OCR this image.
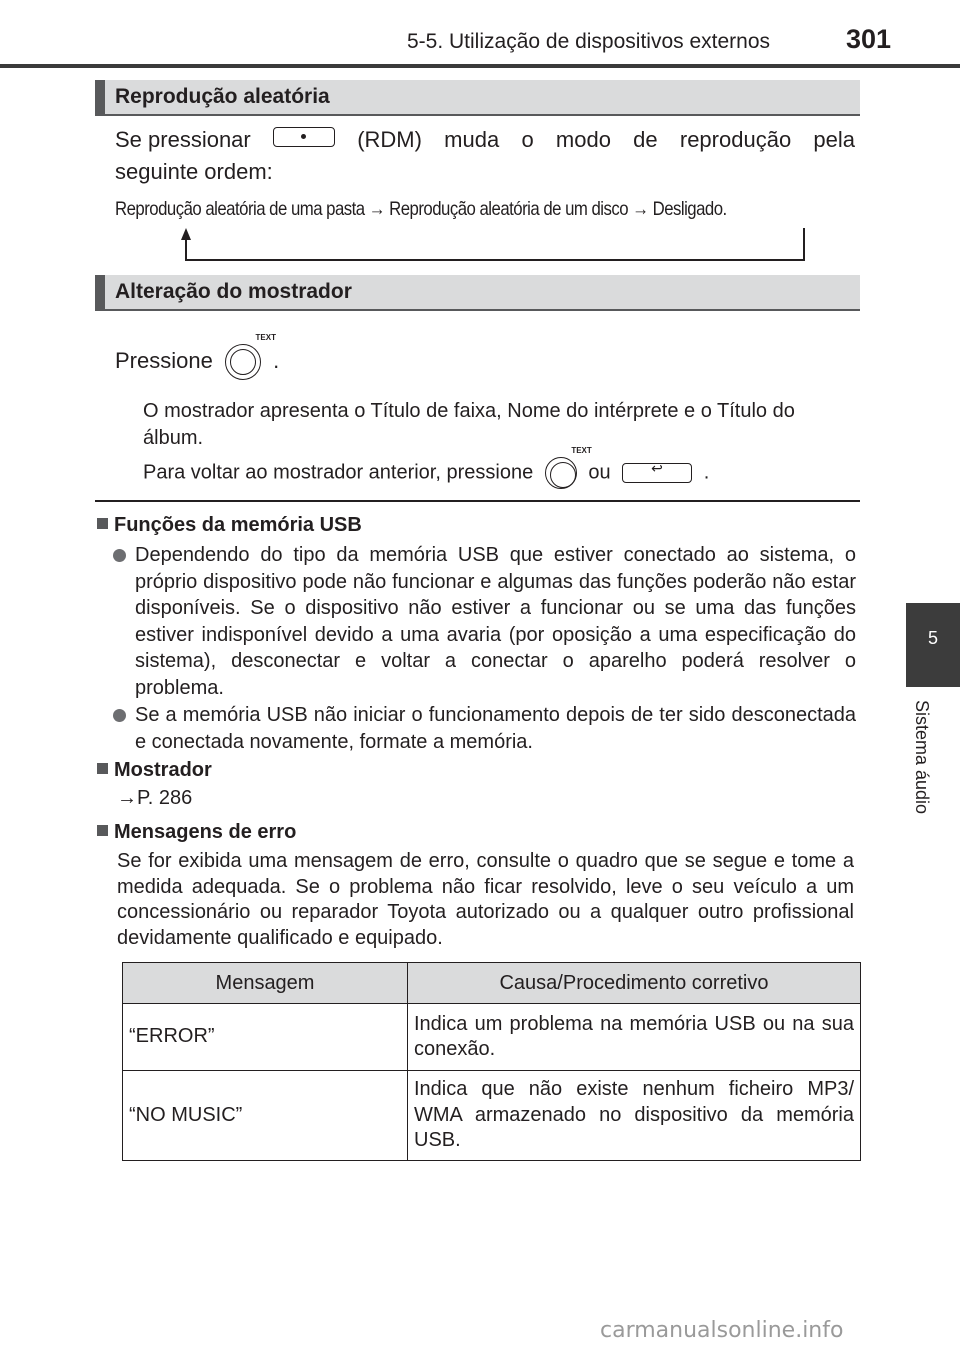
5-5. Utilização de dispositivos externos	301
5
Sistema áudio
Reprodução aleatória
Se pressionar	(RDM) muda o modo de reprodução pela
seguinte ordem:
Reprodução aleatória de uma pasta → Reprodução aleatória de um disco → Desligado.
Alteração do mostrador
Pressione
TEXT
.
O mostrador apresenta o Título de faixa, Nome do intérprete e o Título do álbum.
Para voltar ao mostrador anterior, pressione
TEXT
ou	↩ .
Funções da memória USB
Dependendo do tipo da memória USB que estiver conectado ao sistema, o próprio dispositivo pode não funcionar e algumas das funções poderão não estar disponíveis. Se o dispositivo não estiver a funcionar ou se uma das funções estiver indisponível devido a uma avaria (por oposição a uma especificação do sistema), desconectar e voltar a conectar o aparelho poderá resolver o problema.
Se a memória USB não iniciar o funcionamento depois de ter sido desconectada e conectada novamente, formate a memória.
Mostrador
→P. 286
Mensagens de erro
Se for exibida uma mensagem de erro, consulte o quadro que se segue e tome a medida adequada. Se o problema não ficar resolvido, leve o seu veículo a um concessionário ou reparador Toyota autorizado ou a qualquer outro profissional devidamente qualificado e equipado.
Mensagem	Causa/Procedimento corretivo
“ERROR”	Indica um problema na memória USB ou na sua conexão.
“NO MUSIC”	Indica que não existe nenhum ficheiro MP3/ WMA armazenado no dispositivo da memória USB.
carmanualsonline.info
